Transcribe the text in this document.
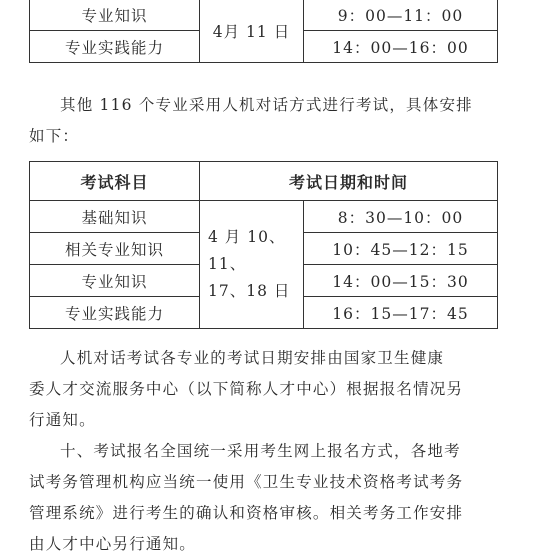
专业知识	4月 11 日	9：00—11：00
专业实践能力		14：00—16：00

其他 116 个专业采用人机对话方式进行考试，具体安排

如下：

考试科目	考试日期和时间	
基础知识	4 月 10、11、
17、18 日	8：30—10：00
相关专业知识		10：45—12：15
专业知识		14：00—15：30
专业实践能力		16：15—17：45

人机对话考试各专业的考试日期安排由国家卫生健康

委人才交流服务中心（以下简称人才中心）根据报名情况另

行通知。

十、考试报名全国统一采用考生网上报名方式，各地考

试考务管理机构应当统一使用《卫生专业技术资格考试考务

管理系统》进行考生的确认和资格审核。相关考务工作安排

由人才中心另行通知。
